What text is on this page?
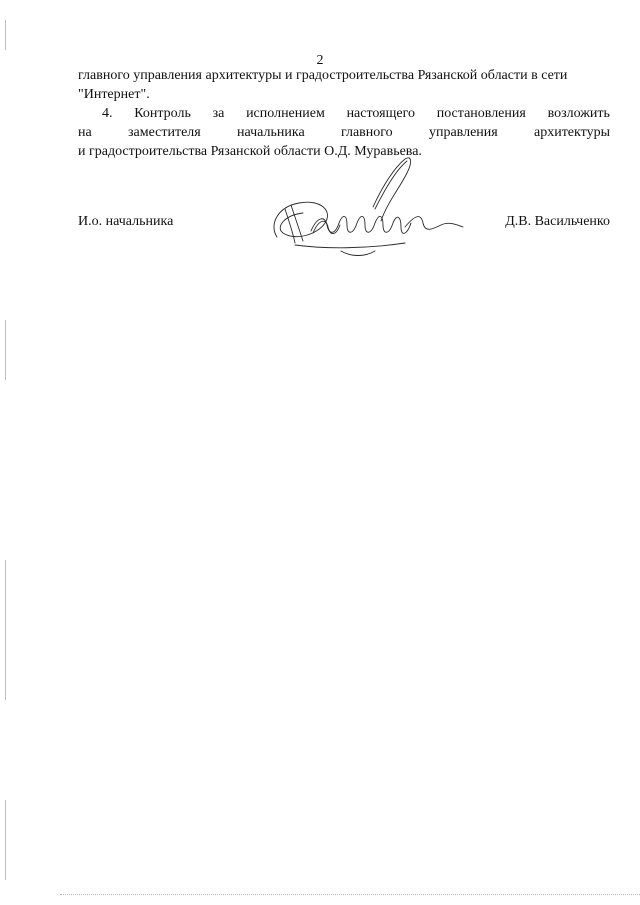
2
главного управления архитектуры и градостроительства Рязанской области в сети
"Интернет".
4. Контроль за исполнением настоящего постановления возложить
на	заместителя	начальника	главного	управления	архитектуры
и градостроительства Рязанской области О.Д. Муравьева.
И.о. начальника	Д.В. Васильченко
